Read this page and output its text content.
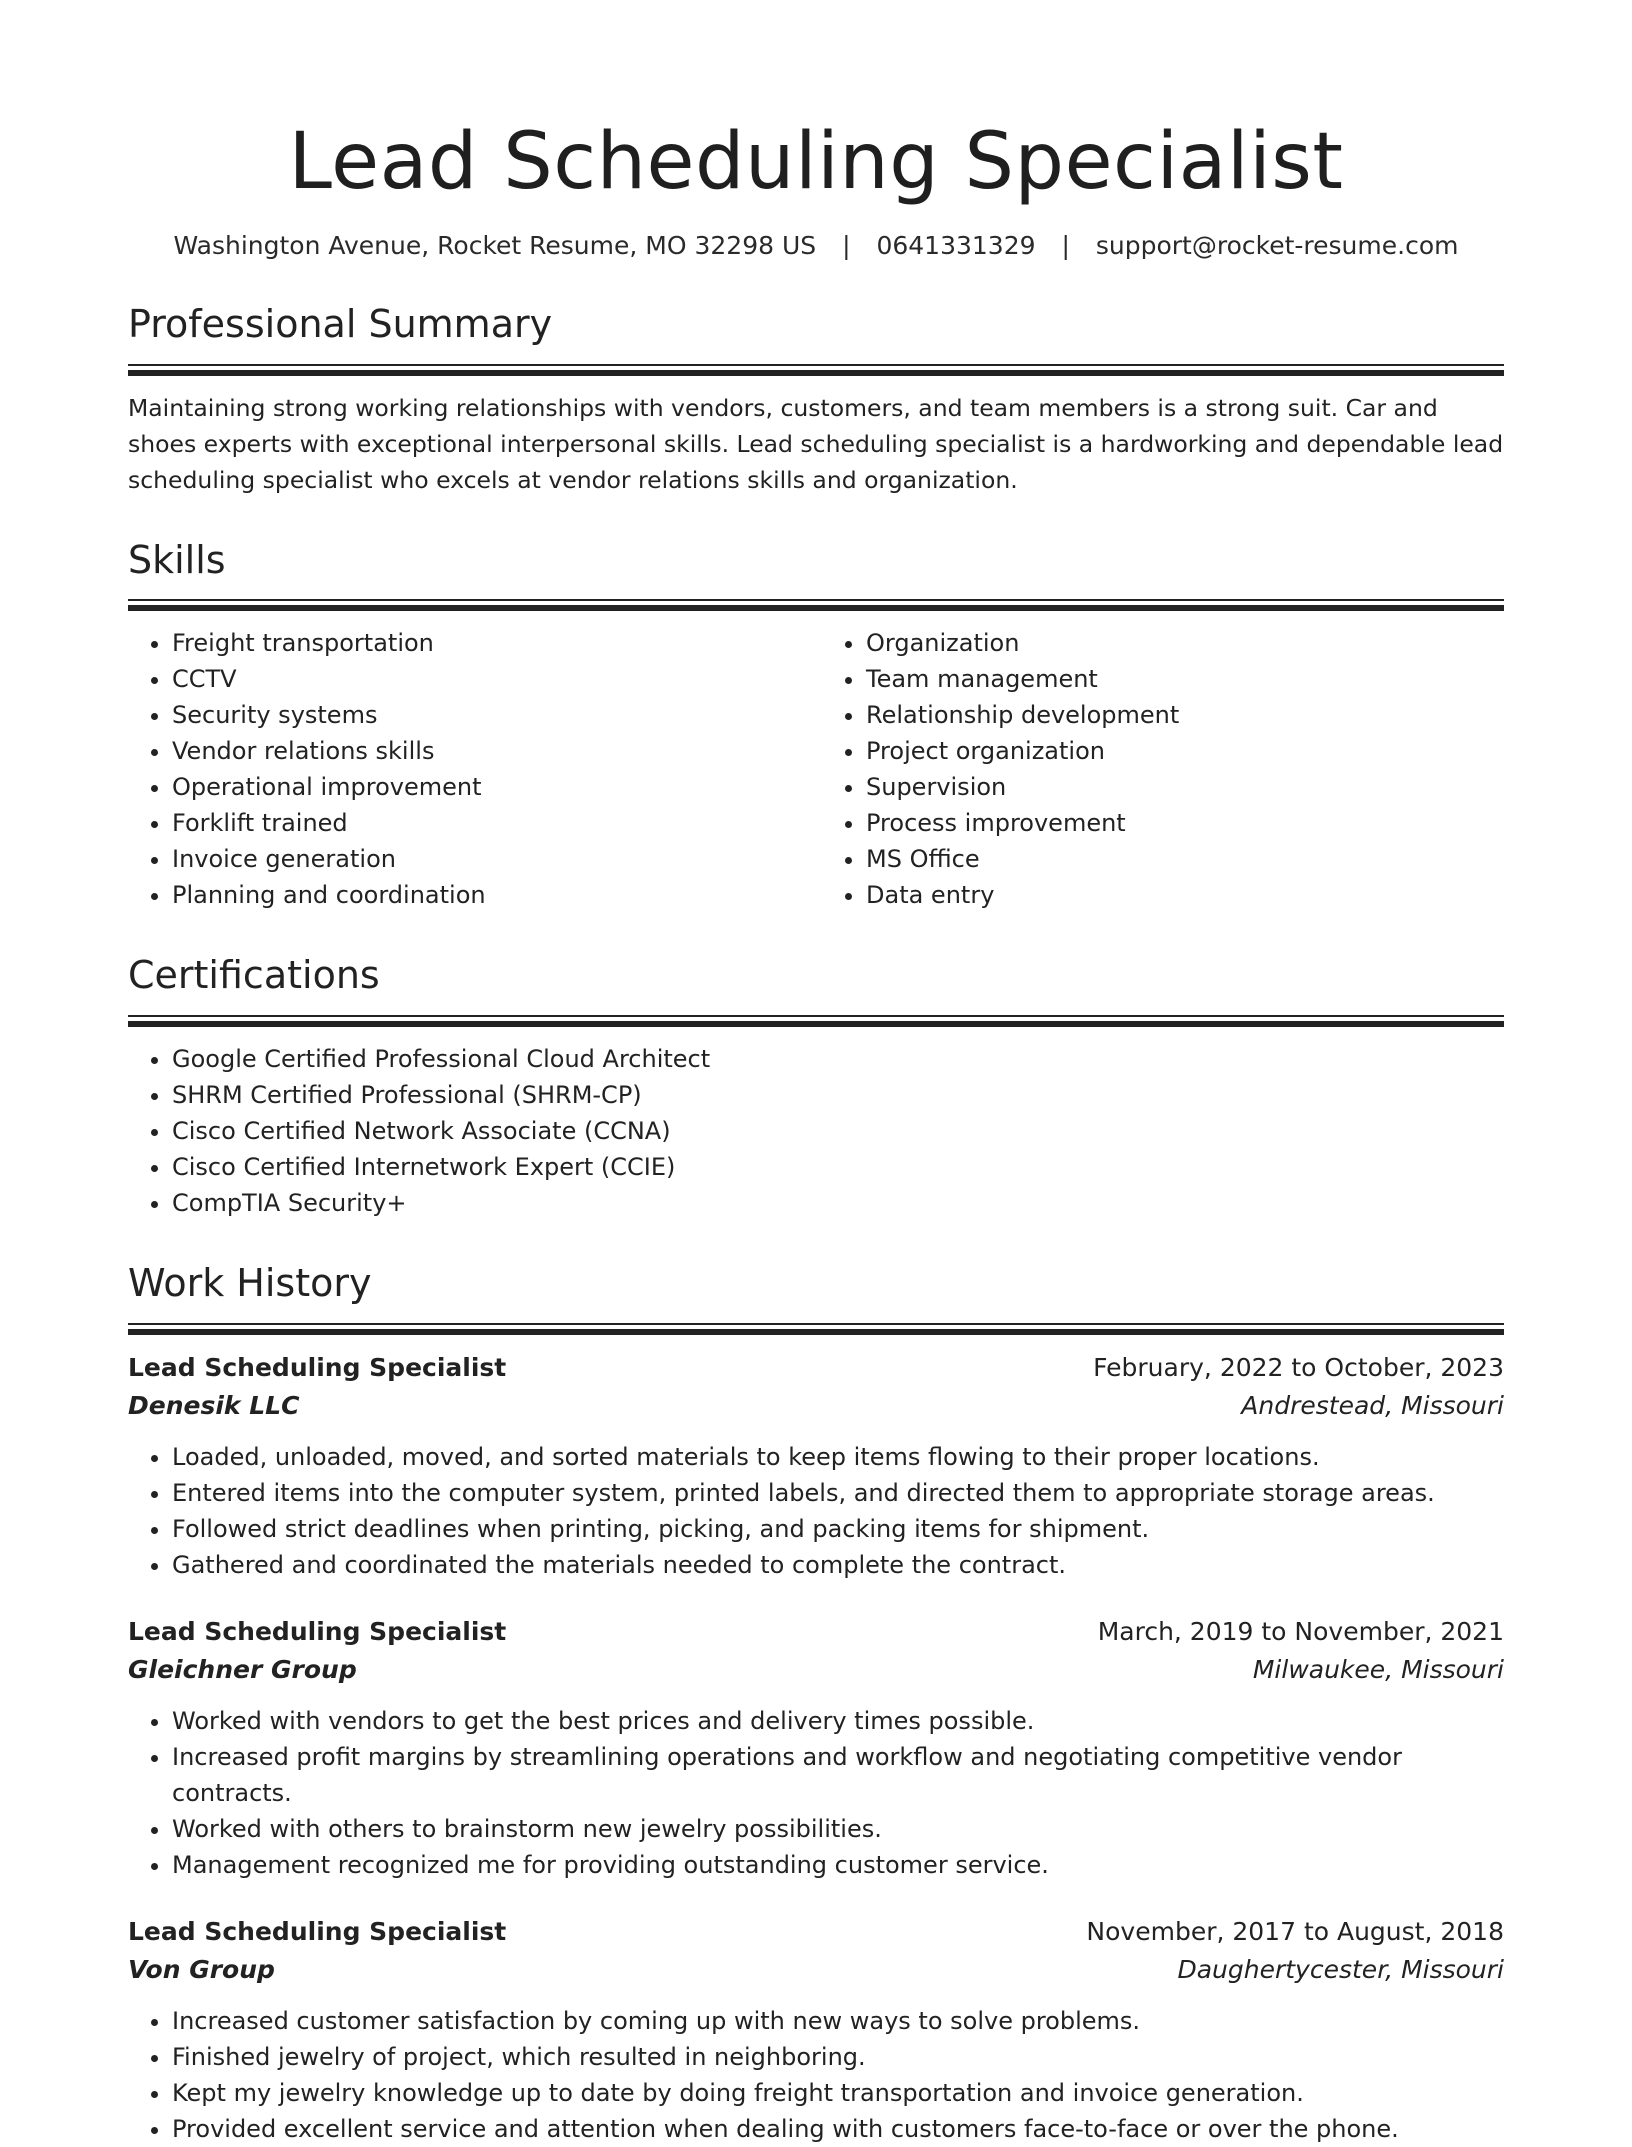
Lead Scheduling Specialist
Washington Avenue, Rocket Resume, MO 32298 US | 0641331329 | support@rocket-resume.com
Professional Summary

Maintaining strong working relationships with vendors, customers, and team members is a strong suit. Car and shoes experts with exceptional interpersonal skills. Lead scheduling specialist is a hardworking and dependable lead scheduling specialist who excels at vendor relations skills and organization.

Skills
• Freight transportation
• CCTV
• Security systems
• Vendor relations skills
• Operational improvement
• Forklift trained
• Invoice generation
• Planning and coordination
• Organization
• Team management
• Relationship development
• Project organization
• Supervision
• Process improvement
• MS Office
• Data entry
Certifications
• Google Certified Professional Cloud Architect
• SHRM Certified Professional (SHRM-CP)
• Cisco Certified Network Associate (CCNA)
• Cisco Certified Internetwork Expert (CCIE)
• CompTIA Security+
Work History
Lead Scheduling Specialist	February, 2022 to October, 2023
Denesik LLC	Andrestead, Missouri
• Loaded, unloaded, moved, and sorted materials to keep items flowing to their proper locations.
• Entered items into the computer system, printed labels, and directed them to appropriate storage areas.
• Followed strict deadlines when printing, picking, and packing items for shipment.
• Gathered and coordinated the materials needed to complete the contract.
Lead Scheduling Specialist	March, 2019 to November, 2021
Gleichner Group	Milwaukee, Missouri
• Worked with vendors to get the best prices and delivery times possible.
• Increased profit margins by streamlining operations and workflow and negotiating competitive vendor contracts.
• Worked with others to brainstorm new jewelry possibilities.
• Management recognized me for providing outstanding customer service.
Lead Scheduling Specialist	November, 2017 to August, 2018
Von Group	Daughertycester, Missouri
• Increased customer satisfaction by coming up with new ways to solve problems.
• Finished jewelry of project, which resulted in neighboring.
• Kept my jewelry knowledge up to date by doing freight transportation and invoice generation.
• Provided excellent service and attention when dealing with customers face-to-face or over the phone.
